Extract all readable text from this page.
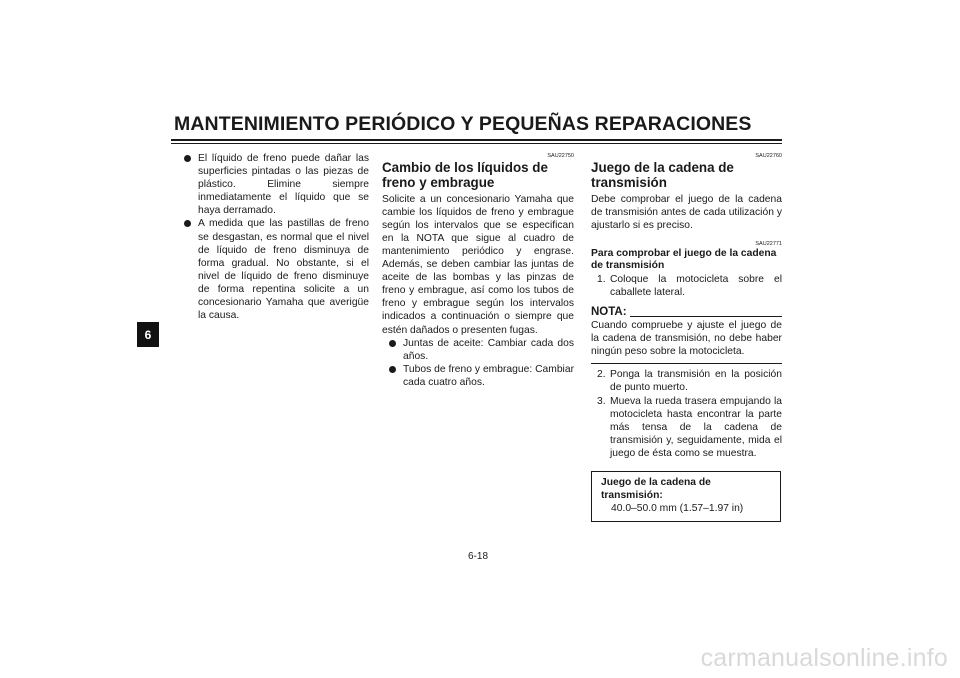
MANTENIMIENTO PERIÓDICO Y PEQUEÑAS REPARACIONES
6
El líquido de freno puede dañar las superficies pintadas o las piezas de plástico. Elimine siempre inmediatamente el líquido que se haya derramado.
A medida que las pastillas de freno se desgastan, es normal que el nivel de líquido de freno disminuya de forma gradual. No obstante, si el nivel de líquido de freno disminuye de forma repentina solicite a un concesionario Yamaha que averigüe la causa.
SAU22750
Cambio de los líquidos de freno y embrague

Solicite a un concesionario Yamaha que cambie los líquidos de freno y embrague según los intervalos que se especifican en la NOTA que sigue al cuadro de mantenimiento periódico y engrase. Además, se deben cambiar las juntas de aceite de las bombas y las pinzas de freno y embrague, así como los tubos de freno y embrague según los intervalos indicados a continuación o siempre que estén dañados o presenten fugas.

Juntas de aceite: Cambiar cada dos años.
Tubos de freno y embrague: Cambiar cada cuatro años.
SAU22760
Juego de la cadena de transmisión

Debe comprobar el juego de la cadena de transmisión antes de cada utilización y ajustarlo si es preciso.

SAU22771
Para comprobar el juego de la cadena de transmisión
1. Coloque la motocicleta sobre el caballete lateral.
NOTA:

Cuando compruebe y ajuste el juego de la cadena de transmisión, no debe haber ningún peso sobre la motocicleta.

2. Ponga la transmisión en la posición de punto muerto.
3. Mueva la rueda trasera empujando la motocicleta hasta encontrar la parte más tensa de la cadena de transmisión y, seguidamente, mida el juego de ésta como se muestra.
Juego de la cadena de transmisión:
40.0–50.0 mm (1.57–1.97 in)
6-18
carmanualsonline.info
